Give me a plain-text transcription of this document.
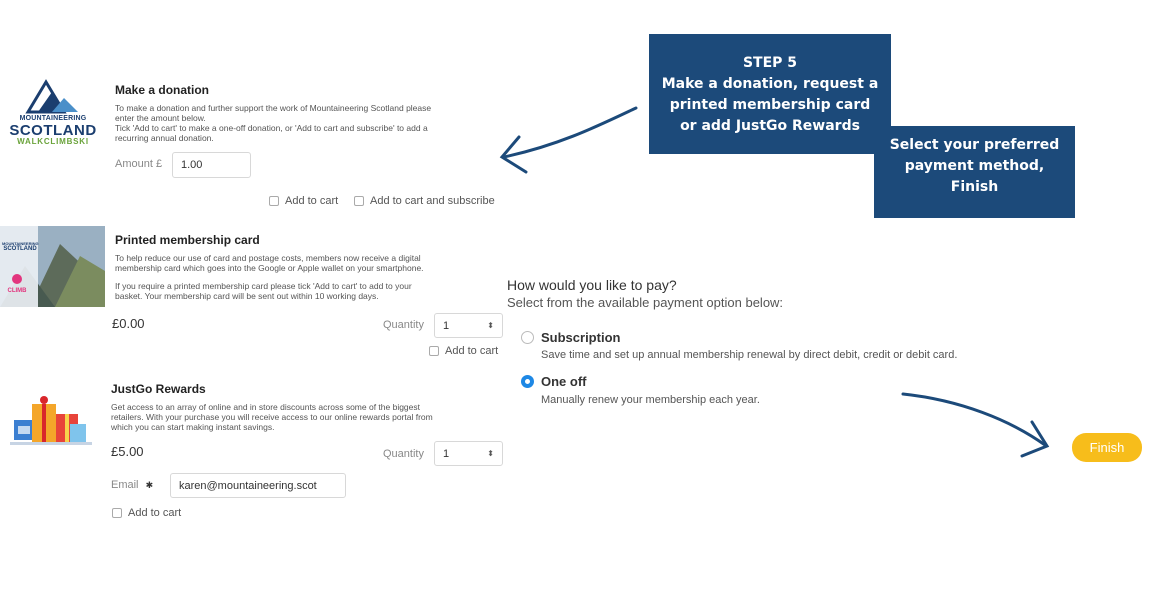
MOUNTAINEERING
SCOTLAND
WALKCLIMBSKI
Make a donation
To make a donation and further support the work of Mountaineering Scotland please
enter the amount below.
Tick 'Add to cart' to make a one-off donation, or 'Add to cart and subscribe' to add a
recurring annual donation.
Amount £	1.00
Add to cart	Add to cart and subscribe
MOUNTAINEERING
SCOTLAND
CLIMB
Printed membership card
To help reduce our use of card and postage costs, members now receive a digital
membership card which goes into the Google or Apple wallet on your smartphone.
If you require a printed membership card please tick 'Add to cart' to add to your
basket. Your membership card will be sent out within 10 working days.
£0.00	Quantity 1	⬍
Add to cart
JustGo Rewards
Get access to an array of online and in store discounts across some of the biggest
retailers. With your purchase you will receive access to our online rewards portal from
which you can start making instant savings.
£5.00	Quantity 1	⬍
Email ✱	karen@mountaineering.scot
Add to cart
STEP 5
Make a donation, request a
printed membership card
or add JustGo Rewards
Select your preferred
payment method,
Finish
How would you like to pay?
Select from the available payment option below:
Subscription
Save time and set up annual membership renewal by direct debit, credit or debit card.
One off
Manually renew your membership each year.
Finish
